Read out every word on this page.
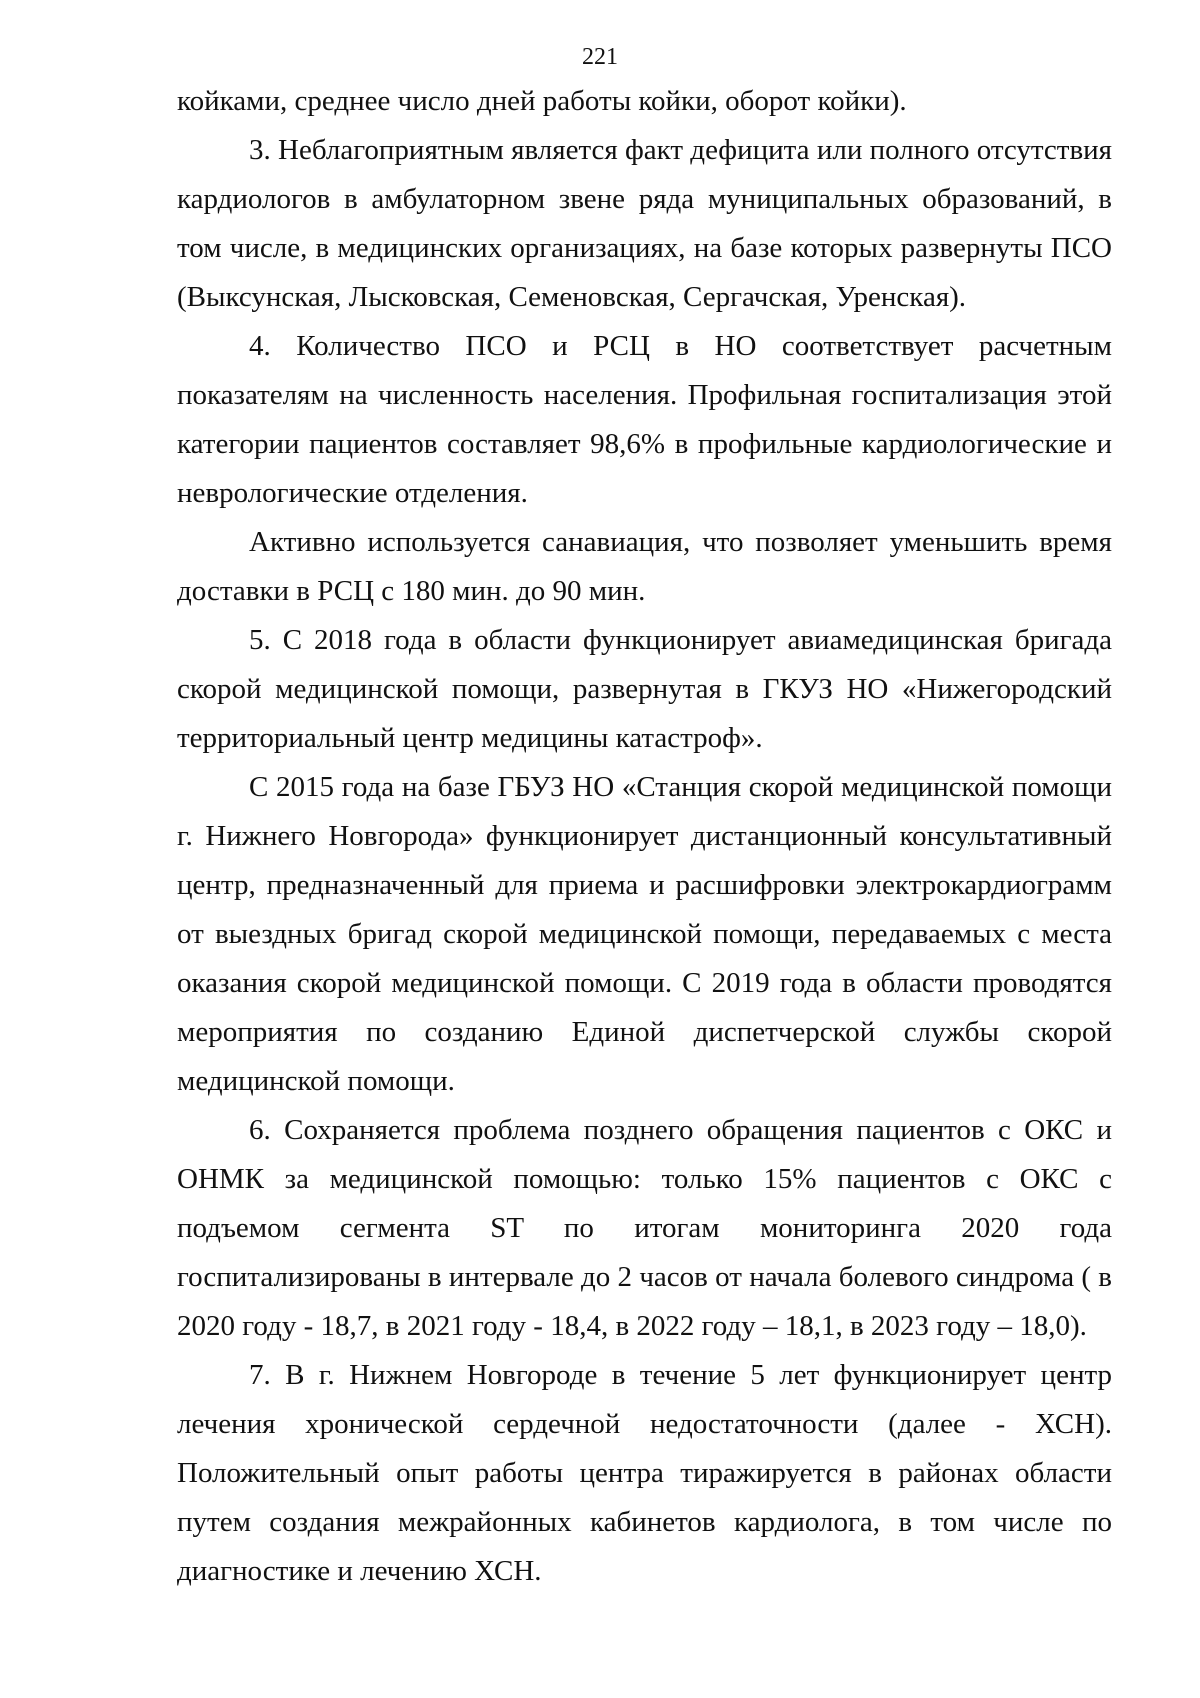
221

койками, среднее число дней работы койки, оборот койки).

3. Неблагоприятным является факт дефицита или полного отсутствия кардиологов в амбулаторном звене ряда муниципальных образований, в том числе, в медицинских организациях, на базе которых развернуты ПСО (Выксунская, Лысковская, Семеновская, Сергачская, Уренская).

4. Количество ПСО и РСЦ в НО соответствует расчетным показателям на численность населения. Профильная госпитализация этой категории пациентов составляет 98,6% в профильные кардиологические и неврологические отделения.

Активно используется санавиация, что позволяет уменьшить время доставки в РСЦ с 180 мин. до 90 мин.

5. С 2018 года в области функционирует авиамедицинская бригада скорой медицинской помощи, развернутая в ГКУЗ НО «Нижегородский территориальный центр медицины катастроф».

С 2015 года на базе ГБУЗ НО «Станция скорой медицинской помощи г. Нижнего Новгорода» функционирует дистанционный консультативный центр, предназначенный для приема и расшифровки электрокардиограмм от выездных бригад скорой медицинской помощи, передаваемых с места оказания скорой медицинской помощи. С 2019 года в области проводятся мероприятия по созданию Единой диспетчерской службы скорой медицинской помощи.

6. Сохраняется проблема позднего обращения пациентов с ОКС и ОНМК за медицинской помощью: только 15% пациентов с ОКС с подъемом сегмента ST по итогам мониторинга 2020 года госпитализированы в интервале до 2 часов от начала болевого синдрома ( в 2020 году - 18,7, в 2021 году - 18,4, в 2022 году – 18,1, в 2023 году – 18,0).

7. В г. Нижнем Новгороде в течение 5 лет функционирует центр лечения хронической сердечной недостаточности (далее - ХСН). Положительный опыт работы центра тиражируется в районах области путем создания межрайонных кабинетов кардиолога, в том числе по диагностике и лечению ХСН.
